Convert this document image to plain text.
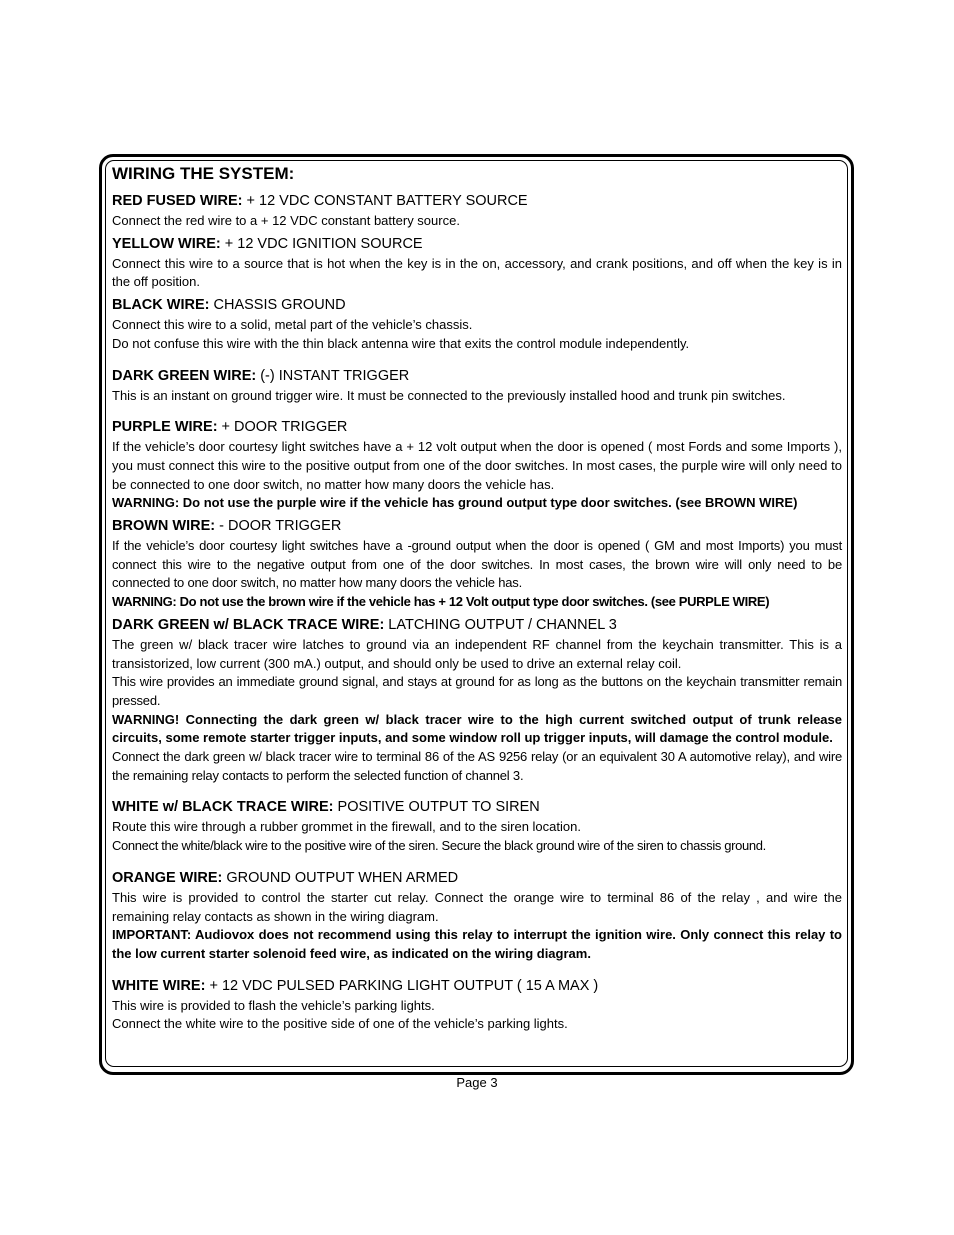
WIRING THE SYSTEM:
RED FUSED WIRE: + 12 VDC CONSTANT BATTERY SOURCE

Connect the red wire to a + 12 VDC constant battery source.

YELLOW WIRE: + 12 VDC IGNITION SOURCE

Connect this wire to a source that is hot when the key is in the on, accessory, and crank positions, and off when the key is in the off position.

BLACK WIRE: CHASSIS GROUND

Connect this wire to a solid, metal part of the vehicle’s chassis.

Do not confuse this wire with the thin black antenna wire that exits the control module independently.

DARK GREEN WIRE: (-) INSTANT TRIGGER

This is an instant on ground trigger wire. It must be connected to the previously installed hood and trunk pin switches.

PURPLE WIRE: + DOOR TRIGGER

If the vehicle’s door courtesy light switches have a + 12 volt output when the door is opened ( most Fords and some Imports ), you must connect this wire to the positive output from one of the door switches. In most cases, the purple wire will only need to be connected to one door switch, no matter how many doors the vehicle has.

WARNING: Do not use the purple wire if the vehicle has ground output type door switches. (see BROWN WIRE)

BROWN WIRE: - DOOR TRIGGER

If the vehicle’s door courtesy light switches have a -ground output when the door is opened ( GM and most Imports) you must connect this wire to the negative output from one of the door switches. In most cases, the brown wire will only need to be connected to one door switch, no matter how many doors the vehicle has.

WARNING: Do not use the brown wire if the vehicle has + 12 Volt output type door switches. (see PURPLE WIRE)

DARK GREEN w/ BLACK TRACE WIRE: LATCHING OUTPUT / CHANNEL 3

The green w/ black tracer wire latches to ground via an independent RF channel from the keychain transmitter. This is a transistorized, low current (300 mA.) output, and should only be used to drive an external relay coil.

This wire provides an immediate ground signal, and stays at ground for as long as the buttons on the keychain transmitter remain pressed.

WARNING! Connecting the dark green w/ black tracer wire to the high current switched output of trunk release circuits, some remote starter trigger inputs, and some window roll up trigger inputs, will damage the control module.

Connect the dark green w/ black tracer wire to terminal 86 of the AS 9256 relay (or an equivalent 30 A automotive relay), and wire the remaining relay contacts to perform the selected function of channel 3.

WHITE w/ BLACK TRACE WIRE: POSITIVE OUTPUT TO SIREN

Route this wire through a rubber grommet in the firewall, and to the siren location.

Connect the white/black wire to the positive wire of the siren. Secure the black ground wire of the siren to chassis ground.

ORANGE WIRE: GROUND OUTPUT WHEN ARMED

This wire is provided to control the starter cut relay. Connect the orange wire to terminal 86 of the relay , and wire the remaining relay contacts as shown in the wiring diagram.

IMPORTANT: Audiovox does not recommend using this relay to interrupt the ignition wire. Only connect this relay to the low current starter solenoid feed wire, as indicated on the wiring diagram.

WHITE WIRE: + 12 VDC PULSED PARKING LIGHT OUTPUT ( 15 A MAX )

This wire is provided to flash the vehicle’s parking lights.

Connect the white wire to the positive side of one of the vehicle’s parking lights.

Page 3
